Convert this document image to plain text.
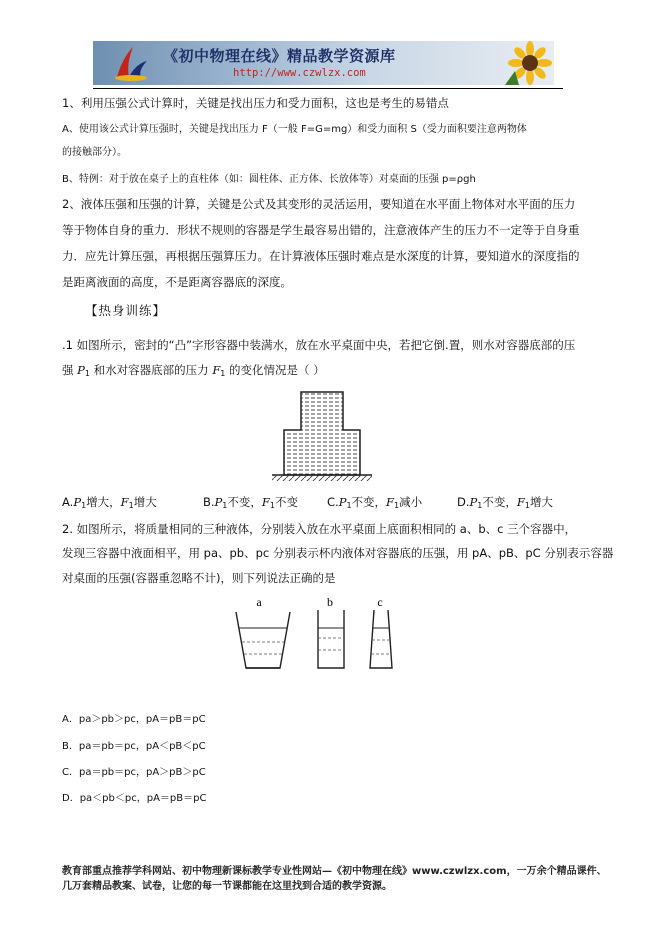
《初中物理在线》精品教学资源库
http://www.czwlzx.com
1、利用压强公式计算时，关键是找出压力和受力面积，这也是考生的易错点
A、使用该公式计算压强时，关键是找出压力 F（一般 F=G=mg）和受力面积 S（受力面积要注意两物体
的接触部分）。
B、特例：对于放在桌子上的直柱体（如：圆柱体、正方体、长放体等）对桌面的压强 p=ρgh
2、液体压强和压强的计算，关键是公式及其变形的灵活运用，要知道在水平面上物体对水平面的压力
等于物体自身的重力．形状不规则的容器是学生最容易出错的，注意液体产生的压力不一定等于自身重
力．应先计算压强，再根据压强算压力。在计算液体压强时难点是水深度的计算，要知道水的深度指的
是距离液面的高度，不是距离容器底的深度。
【热身训练】
.1 如图所示，密封的“凸”字形容器中装满水，放在水平桌面中央，若把它倒.置，则水对容器底部的压
强 $P_1$ 和水对容器底部的压力 $F_1$ 的变化情况是（ ）
$A.P_1$增大，$F_1$增大	$B.P_1$不变，$F_1$不变	$C.P_1$不变，$F_1$减小	$D.P_1$不变，$F_1$增大
2. 如图所示，将质量相同的三种液体，分别装入放在水平桌面上底面积相同的 a、b、c 三个容器中，
发现三容器中液面相平，用 pa、pb、pc 分别表示杯内液体对容器底的压强，用 pA、pB、pC 分别表示容器
对桌面的压强(容器重忽略不计)，则下列说法正确的是
a	b	c
A．pa＞pb＞pc，pA＝pB＝pC
B．pa＝pb＝pc，pA＜pB＜pC
C．pa＝pb＝pc，pA＞pB＞pC
D．pa＜pb＜pc，pA＝pB＝pC
教育部重点推荐学科网站、初中物理新课标教学专业性网站—《初中物理在线》www.czwlzx.com，一万余个精品课件、
几万套精品教案、试卷，让您的每一节课都能在这里找到合适的教学资源。
